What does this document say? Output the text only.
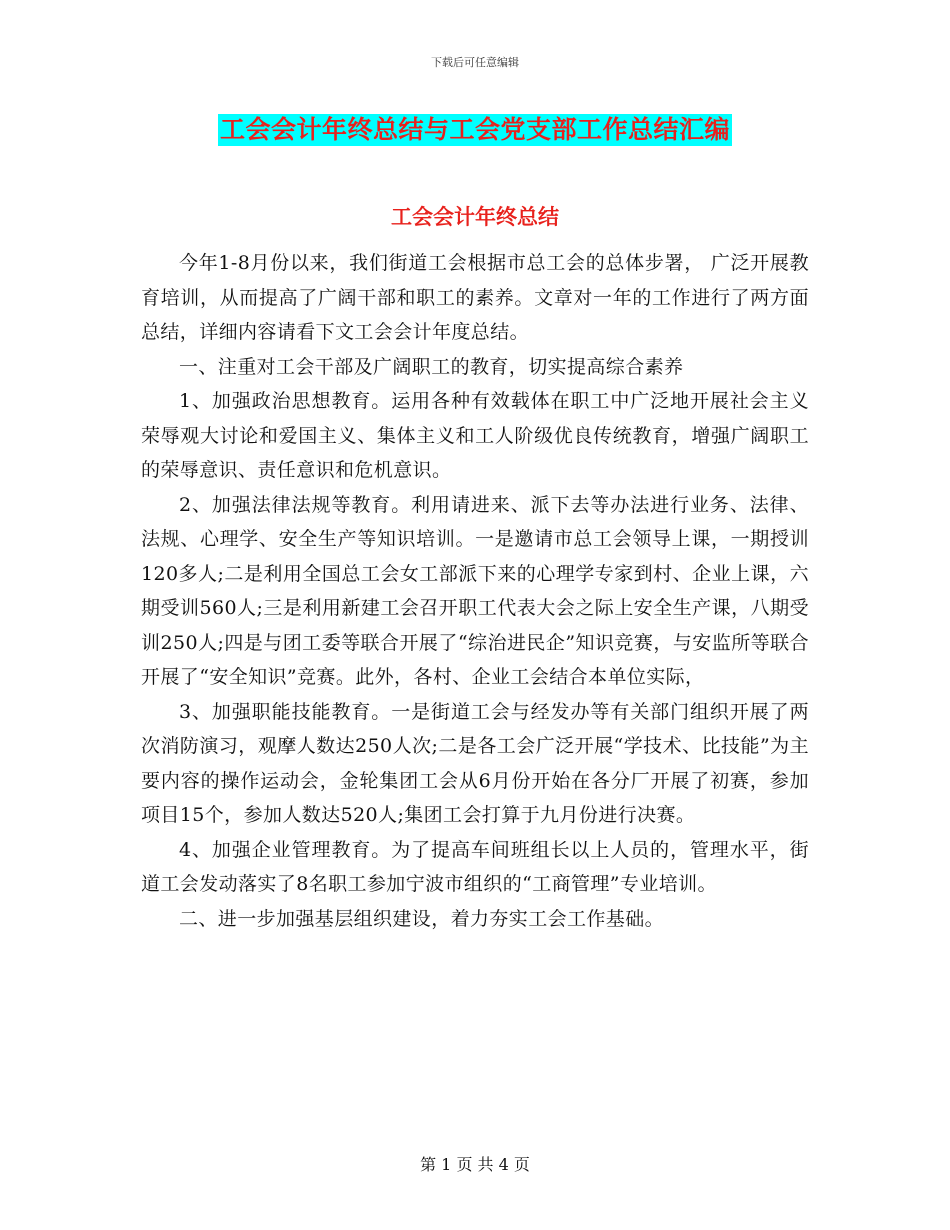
下载后可任意编辑
工会会计年终总结与工会党支部工作总结汇编
工会会计年终总结

今年1-8月份以来，我们街道工会根据市总工会的总体步署， 广泛开展教育培训，从而提高了广阔干部和职工的素养。文章对一年的工作进行了两方面总结，详细内容请看下文工会会计年度总结。

一、注重对工会干部及广阔职工的教育，切实提高综合素养

1、加强政治思想教育。运用各种有效载体在职工中广泛地开展社会主义荣辱观大讨论和爱国主义、集体主义和工人阶级优良传统教育，增强广阔职工的荣辱意识、责任意识和危机意识。

2、加强法律法规等教育。利用请进来、派下去等办法进行业务、法律、法规、心理学、安全生产等知识培训。一是邀请市总工会领导上课，一期授训120多人;二是利用全国总工会女工部派下来的心理学专家到村、企业上课，六期受训560人;三是利用新建工会召开职工代表大会之际上安全生产课，八期受训250人;四是与团工委等联合开展了“综治进民企”知识竞赛，与安监所等联合开展了“安全知识”竞赛。此外，各村、企业工会结合本单位实际，

3、加强职能技能教育。一是街道工会与经发办等有关部门组织开展了两次消防演习，观摩人数达250人次;二是各工会广泛开展“学技术、比技能”为主要内容的操作运动会，金轮集团工会从6月份开始在各分厂开展了初赛，参加项目15个，参加人数达520人;集团工会打算于九月份进行决赛。

4、加强企业管理教育。为了提高车间班组长以上人员的，管理水平，街道工会发动落实了8名职工参加宁波市组织的“工商管理”专业培训。

二、进一步加强基层组织建设，着力夯实工会工作基础。

第 1 页 共 4 页
